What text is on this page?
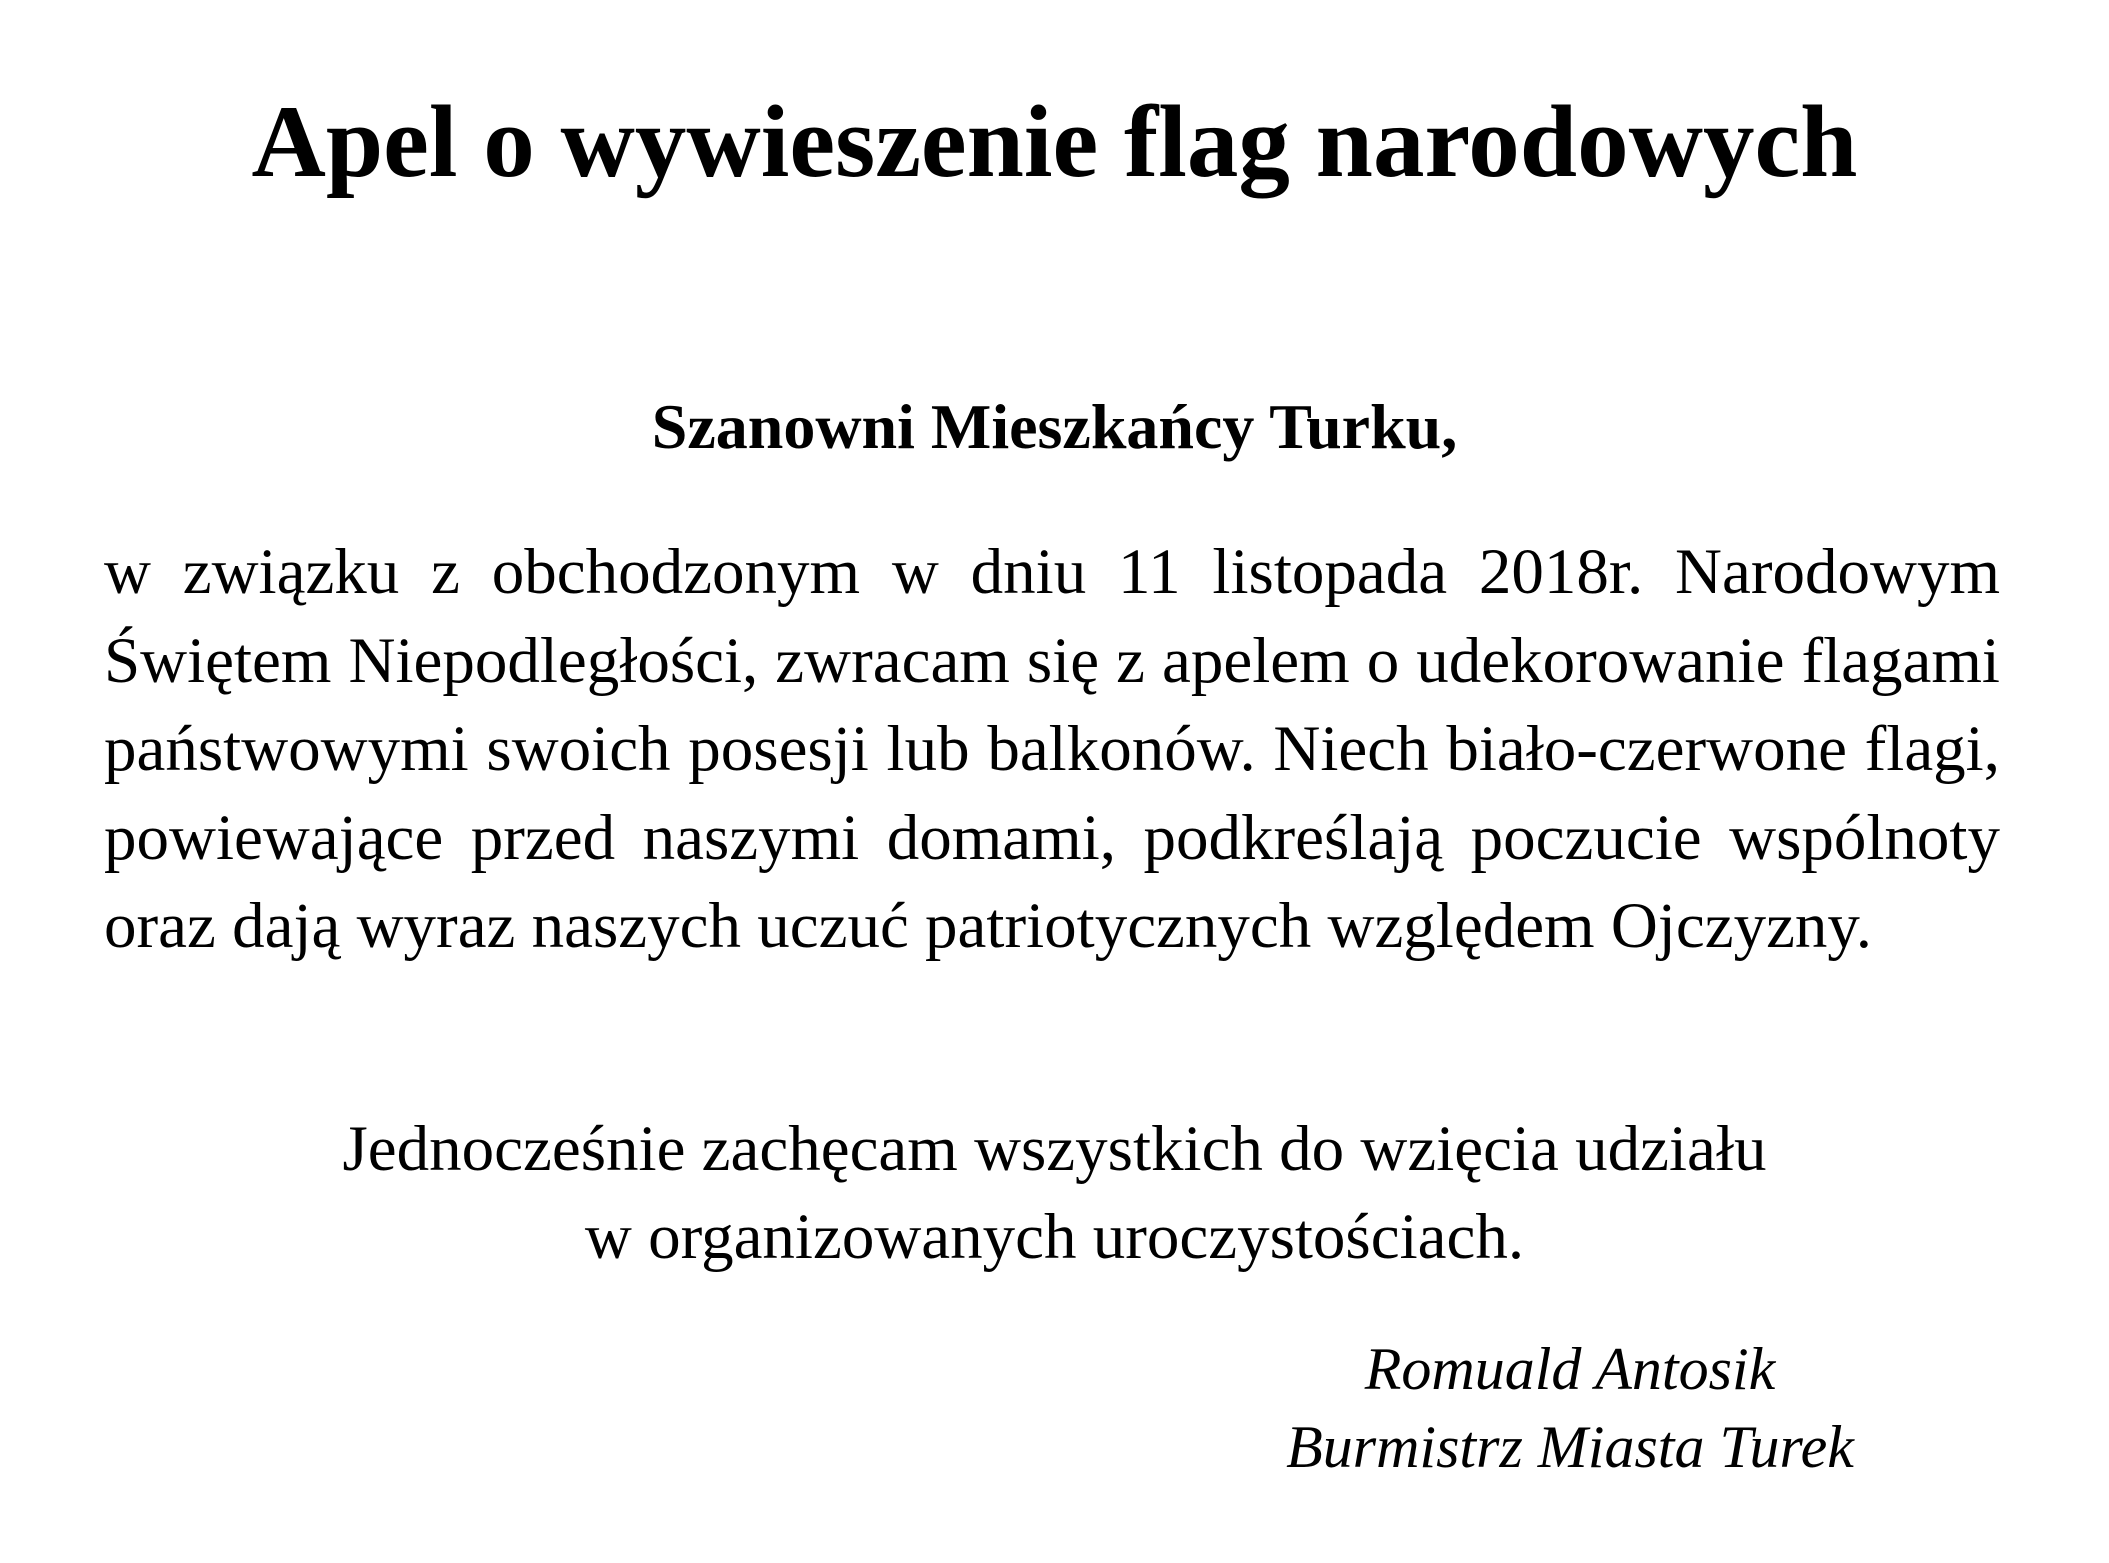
Apel o wywieszenie flag narodowych

Szanowni Mieszkańcy Turku,

w związku z obchodzonym w dniu 11 listopada 2018r. Narodowym Świętem Niepodległości, zwracam się z apelem o udekorowanie flagami państwowymi swoich posesji lub balkonów. Niech biało-czerwone flagi, powiewające przed naszymi domami, podkreślają poczucie wspólnoty oraz dają wyraz naszych uczuć patriotycznych względem Ojczyzny.

Jednocześnie zachęcam wszystkich do wzięcia udziału
w organizowanych uroczystościach.

Romuald Antosik
Burmistrz Miasta Turek
